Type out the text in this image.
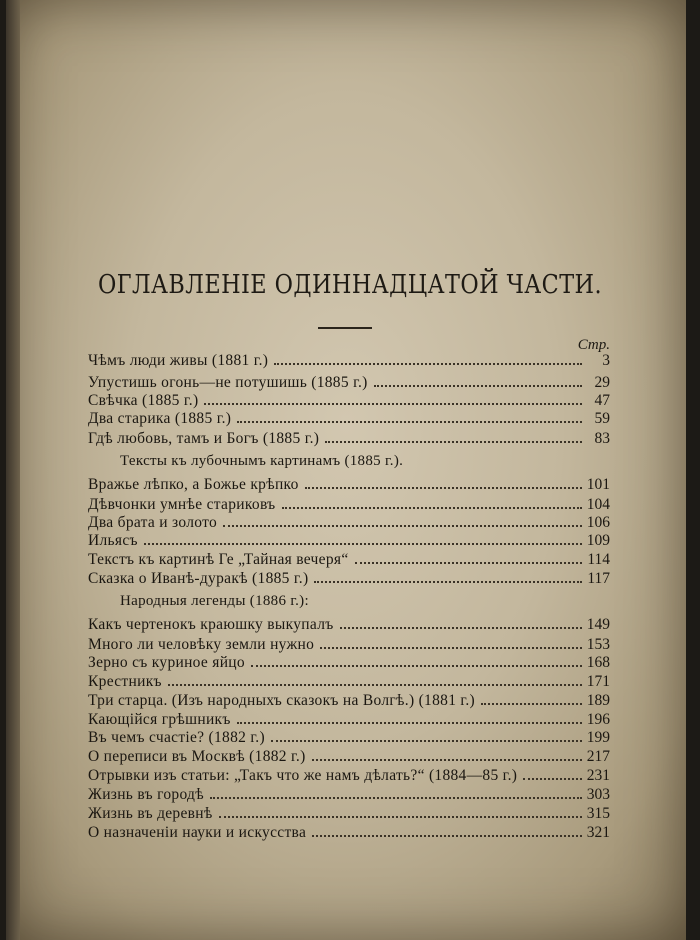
ОГЛАВЛЕНІЕ ОДИННАДЦАТОЙ ЧАСТИ.
Стр.
Чѣмъ люди живы (1881 г.)	3
Упустишь огонь—не потушишь (1885 г.)	29
Свѣчка (1885 г.)	47
Два старика (1885 г.)	59
Гдѣ любовь, тамъ и Богъ (1885 г.)	83
Тексты къ лубочнымъ картинамъ (1885 г.).
Вражье лѣпко, а Божье крѣпко	101
Дѣвчонки умнѣе стариковъ	104
Два брата и золото	106
Ильясъ	109
Текстъ къ картинѣ Ге „Тайная вечеря“	114
Сказка о Иванѣ-дуракѣ (1885 г.)	117
Народныя легенды (1886 г.):
Какъ чертенокъ краюшку выкупалъ	149
Много ли человѣку земли нужно	153
Зерно съ куриное яйцо	168
Крестникъ	171
Три старца. (Изъ народныхъ сказокъ на Волгѣ.) (1881 г.)	189
Кающійся грѣшникъ	196
Въ чемъ счастіе? (1882 г.)	199
О переписи въ Москвѣ (1882 г.)	217
Отрывки изъ статьи: „Такъ что же намъ дѣлать?“ (1884—85 г.)	231
Жизнь въ городѣ	303
Жизнь въ деревнѣ	315
О назначеніи науки и искусства	321
